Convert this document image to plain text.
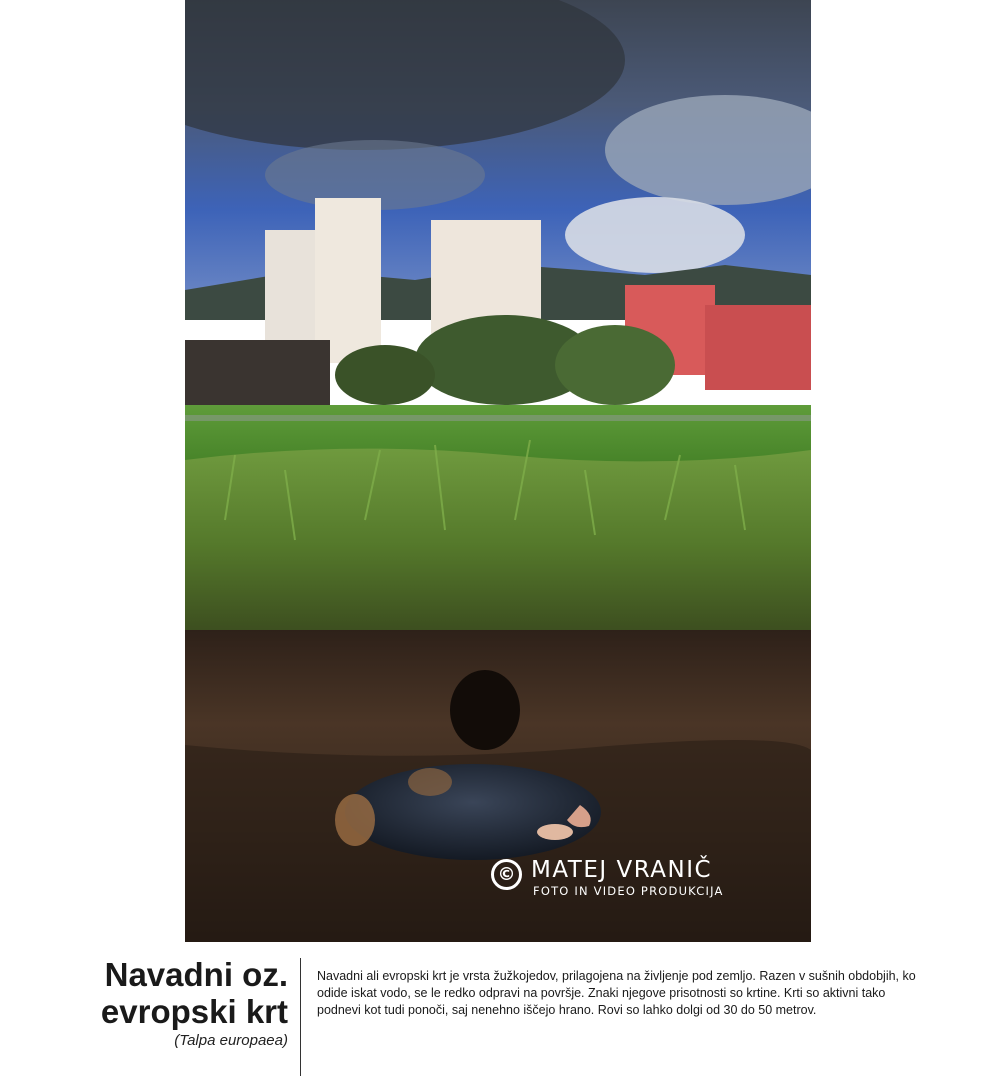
© MATEJ VRANIČ
FOTO IN VIDEO PRODUKCIJA
Navadni oz.
evropski krt
(Talpa europaea)

Navadni ali evropski krt je vrsta žužkojedov, prilagojena na življenje pod zemljo. Razen v sušnih obdobjih, ko odide iskat vodo, se le redko odpravi na površje. Znaki njegove prisotnosti so krtine. Krti so aktivni tako podnevi kot tudi ponoči, saj nenehno iščejo hrano. Rovi so lahko dolgi od 30 do 50 metrov.
